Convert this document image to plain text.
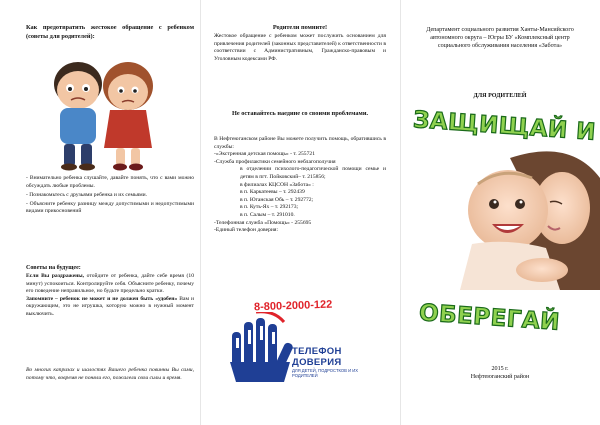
Как предотвратить жестокое обращение с ребенком (советы для родителей):

- Внимательно ребенка слушайте, давайте понять, что с вами можно обсуждать любые проблемы.

- Познакомьтесь с друзьями ребенка и их семьями.

- Объясните ребенку разницу между допустимыми и недопустимыми видами прикосновений

Советы на будущее:

Если Вы раздражены, отойдите от ребенка, дайте себе время (10 минут) успокоиться. Контролируйте себя. Объясните ребенку, почему его поведение неправильное, но будьте предельно кратки.

Запомните – ребенок не может и не должен быть «удобен» Вам и окружающим, это не игрушка, которую можно в нужный момент выключить.

Во многих капризах и шалостях Вашего ребенка повинны Вы сами, потому что, вовремя не поняли его, пожалели свои силы и время.
Родители помните!
Жестокое обращение с ребенком может послужить основанием для привлечения родителей (законных представителей) к ответственности в соответствии с Административным, Гражданско-правовым и Уголовным кодексами РФ.
Не оставайтесь наедине со своими проблемами.
В Нефтеюганском районе Вы можете получить помощь, обратившись в службы:
-«Экстренная детская помощь» - т. 255721
-Служба профилактики семейного неблагополучия
в отделении психолого-педагогической помощи семье и детям в пгт. Пойковский– т. 215856;
в филиалах КЦСОН «Забота» :
в п. Каркатеевы – т. 292439
в п. Юганская Обь – т. 292772;
в п. Куть-Ях – т. 292173;
в п. Салым – т. 291010.
-Телефонная служба «Помощь» - 255695
-Единый телефон доверия:
8-800-2000-122
ТЕЛЕФОН
ДОВЕРИЯ
ДЛЯ ДЕТЕЙ, ПОДРОСТКОВ И ИХ РОДИТЕЛЕЙ
Департамент социального развития Ханты-Мансийского автономного округа – Югры БУ «Комплексный центр социального обслуживания населения «Забота»
ДЛЯ РОДИТЕЛЕЙ
ЗАЩИЩАЙ И
ОБЕРЕГАЙ
2015 г.
Нефтеюганский район
